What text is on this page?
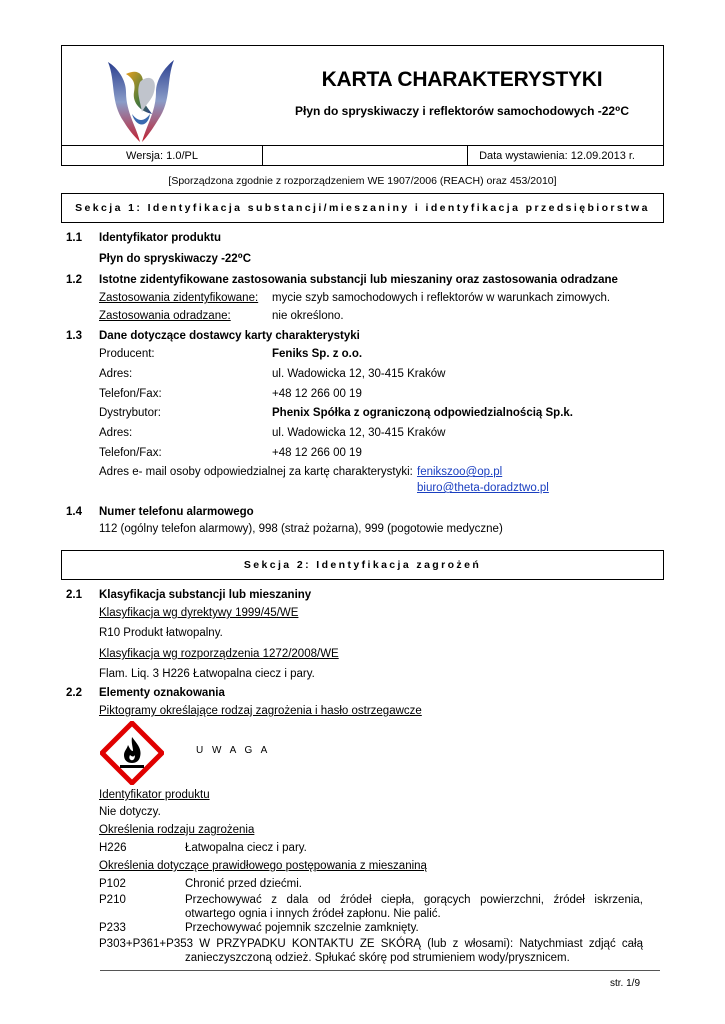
KARTA CHARAKTERYSTYKI
Płyn do spryskiwaczy i reflektorów samochodowych -22⁰C
Wersja: 1.0/PL	Data wystawienia: 12.09.2013 r.
[Sporządzona zgodnie z rozporządzeniem WE 1907/2006 (REACH) oraz 453/2010]
Sekcja 1: Identyfikacja substancji/mieszaniny i identyfikacja przedsiębiorstwa
1.1 Identyfikator produktu
Płyn do spryskiwaczy -22⁰C
1.2 Istotne zidentyfikowane zastosowania substancji lub mieszaniny oraz zastosowania odradzane
Zastosowania zidentyfikowane: mycie szyb samochodowych i reflektorów w warunkach zimowych.
Zastosowania odradzane:	nie określono.
1.3 Dane dotyczące dostawcy karty charakterystyki
Producent:	Feniks Sp. z o.o.
Adres:	ul. Wadowicka 12, 30-415 Kraków
Telefon/Fax:	+48 12 266 00 19
Dystrybutor:	Phenix Spółka z ograniczoną odpowiedzialnością Sp.k.
Adres:	ul. Wadowicka 12, 30-415 Kraków
Telefon/Fax:	+48 12 266 00 19
Adres e- mail osoby odpowiedzialnej za kartę charakterystyki: fenikszoo@op.pl
biuro@theta-doradztwo.pl
1.4 Numer telefonu alarmowego
112 (ogólny telefon alarmowy), 998 (straż pożarna), 999 (pogotowie medyczne)
Sekcja 2: Identyfikacja zagrożeń
2.1 Klasyfikacja substancji lub mieszaniny
Klasyfikacja wg dyrektywy 1999/45/WE
R10 Produkt łatwopalny.
Klasyfikacja wg rozporządzenia 1272/2008/WE
Flam. Liq. 3 H226 Łatwopalna ciecz i pary.
2.2 Elementy oznakowania
Piktogramy określające rodzaj zagrożenia i hasło ostrzegawcze
U W A G A
Identyfikator produktu
Nie dotyczy.
Określenia rodzaju zagrożenia
H226	Łatwopalna ciecz i pary.
Określenia dotyczące prawidłowego postępowania z mieszaniną
P102	Chronić przed dziećmi.
P210	Przechowywać z dala od źródeł ciepła, gorących powierzchni, źródeł iskrzenia,
otwartego ognia i innych źródeł zapłonu. Nie palić.
P233	Przechowywać pojemnik szczelnie zamknięty.
P303+P361+P353 W PRZYPADKU KONTAKTU ZE SKÓRĄ (lub z włosami): Natychmiast zdjąć całą
zanieczyszczoną odzież. Spłukać skórę pod strumieniem wody/prysznicem.
str. 1/9
